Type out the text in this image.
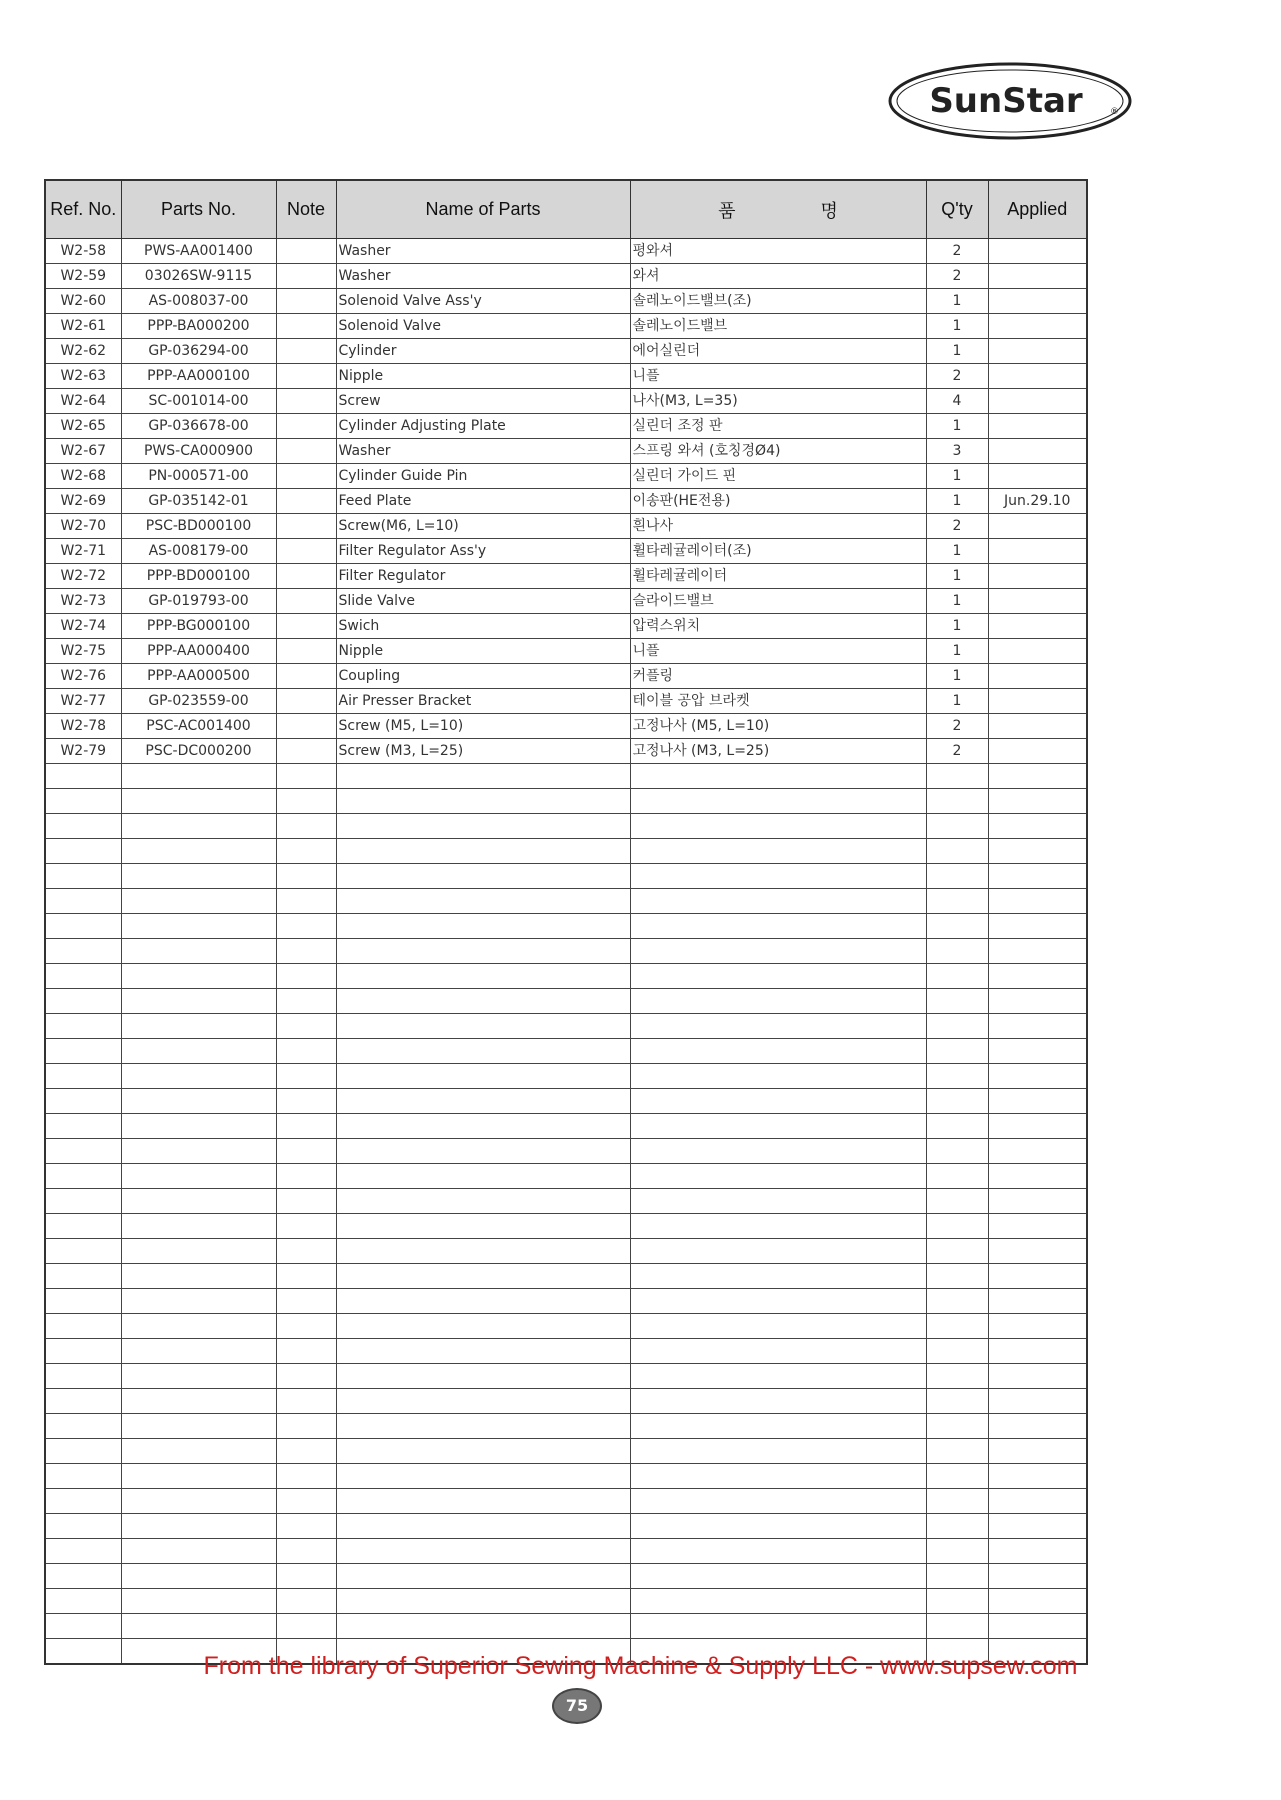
SunStar	®
Ref. No.	Parts No.	Note	Name of Parts	품 명	Q'ty	Applied
W2-58	PWS-AA001400		Washer	평와셔	2	
W2-59	03026SW-9115		Washer	와셔	2	
W2-60	AS-008037-00		Solenoid Valve Ass'y	솔레노이드밸브(조)	1	
W2-61	PPP-BA000200		Solenoid Valve	솔레노이드밸브	1	
W2-62	GP-036294-00		Cylinder	에어실린더	1	
W2-63	PPP-AA000100		Nipple	니플	2	
W2-64	SC-001014-00		Screw	나사(M3, L=35)	4	
W2-65	GP-036678-00		Cylinder Adjusting Plate	실린더 조정 판	1	
W2-67	PWS-CA000900		Washer	스프링 와셔 (호칭경Ø4)	3	
W2-68	PN-000571-00		Cylinder Guide Pin	실린더 가이드 핀	1	
W2-69	GP-035142-01		Feed Plate	이송판(HE전용)	1	Jun.29.10
W2-70	PSC-BD000100		Screw(M6, L=10)	흰나사	2	
W2-71	AS-008179-00		Filter Regulator Ass'y	휠타레귤레이터(조)	1	
W2-72	PPP-BD000100		Filter Regulator	휠타레귤레이터	1	
W2-73	GP-019793-00		Slide Valve	슬라이드밸브	1	
W2-74	PPP-BG000100		Swich	압력스위치	1	
W2-75	PPP-AA000400		Nipple	니플	1	
W2-76	PPP-AA000500		Coupling	커플링	1	
W2-77	GP-023559-00		Air Presser Bracket	테이블 공압 브라켓	1	
W2-78	PSC-AC001400		Screw (M5, L=10)	고정나사 (M5, L=10)	2	
W2-79	PSC-DC000200		Screw (M3, L=25)	고정나사 (M3, L=25)	2	

From the library of Superior Sewing Machine & Supply LLC - www.supsew.com
75
